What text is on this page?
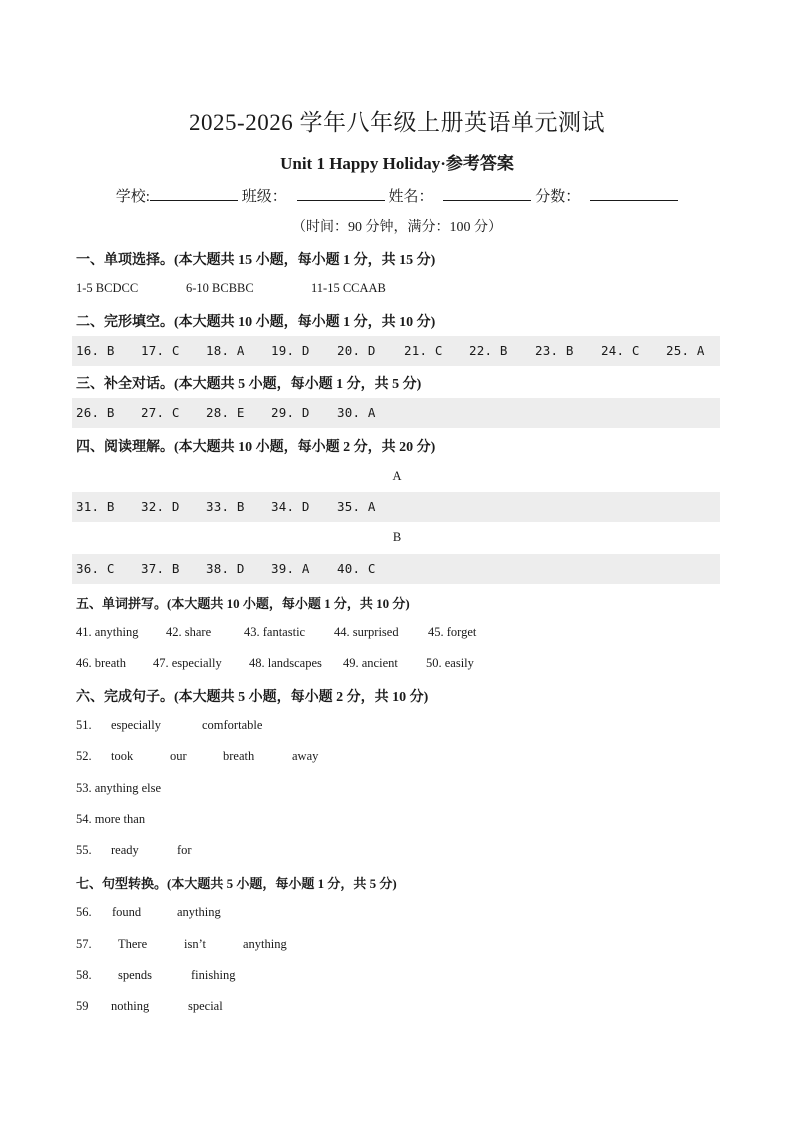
2025-2026 学年八年级上册英语单元测试
Unit 1 Happy Holiday·参考答案
学校:	班级：	姓名：	分数：
（时间：90 分钟，满分：100 分）
一、单项选择。(本大题共 15 小题，每小题 1 分，共 15 分)
1-5 BCDCC	6-10 BCBBC	11-15 CCAAB
二、完形填空。(本大题共 10 小题，每小题 1 分，共 10 分)
16. B 17. C 18. A 19. D 20. D 21. C 22. B 23. B 24. C 25. A
三、补全对话。(本大题共 5 小题，每小题 1 分，共 5 分)
26. B 27. C 28. E 29. D 30. A
四、阅读理解。(本大题共 10 小题，每小题 2 分，共 20 分)
A
31. B 32. D 33. B 34. D 35. A
B
36. C 37. B 38. D 39. A 40. C
五、单词拼写。(本大题共 10 小题，每小题 1 分，共 10 分)
41. anything 42. share	43. fantastic 44. surprised 45. forget
46. breath 47. especially 48. landscapes 49. ancient 50. easily
六、完成句子。(本大题共 5 小题，每小题 2 分，共 10 分)
51. especially	comfortable
52. took	our	breath	away
53. anything else
54. more than
55. ready	for
七、句型转换。(本大题共 5 小题，每小题 1 分，共 5 分)
56. found	anything
57. There	isn’t	anything
58. spends	finishing
59 nothing	special
